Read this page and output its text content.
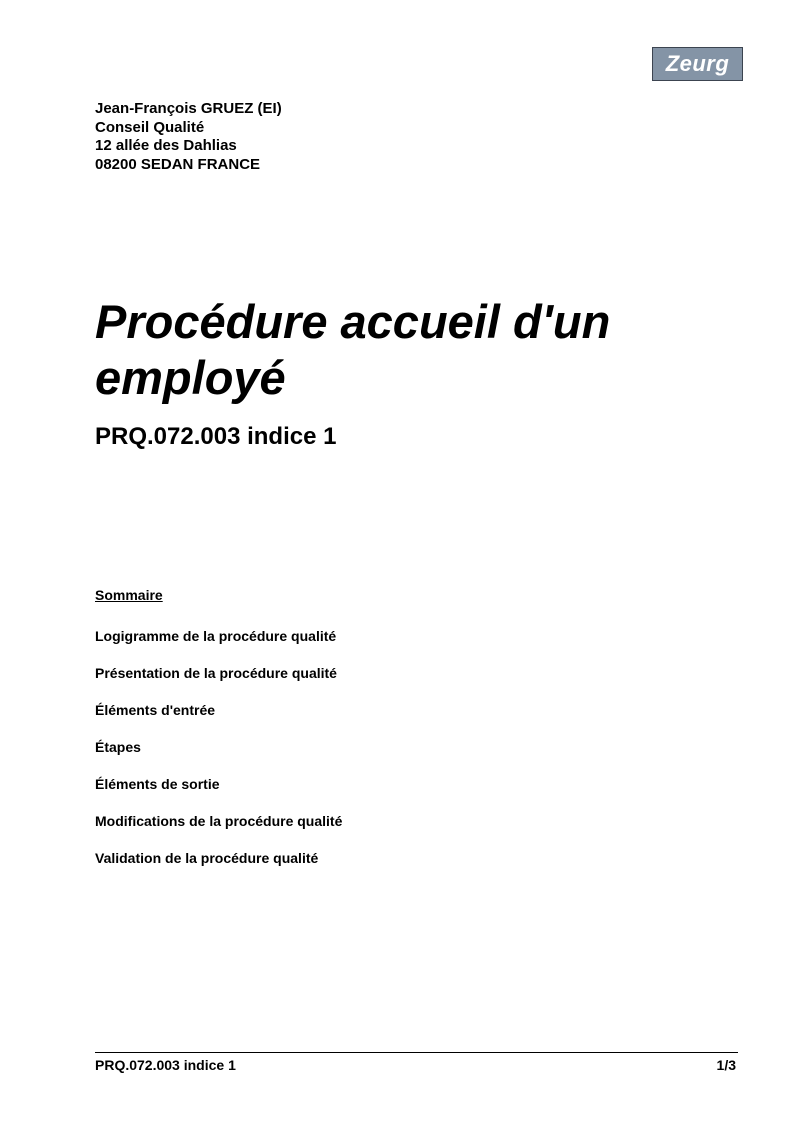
Zeurg
Jean-François GRUEZ (EI)
Conseil Qualité
12 allée des Dahlias
08200 SEDAN FRANCE
Procédure accueil d'un employé
PRQ.072.003 indice 1
Sommaire
Logigramme de la procédure qualité
Présentation de la procédure qualité
Éléments d'entrée
Étapes
Éléments de sortie
Modifications de la procédure qualité
Validation de la procédure qualité
PRQ.072.003 indice 1	1/3
